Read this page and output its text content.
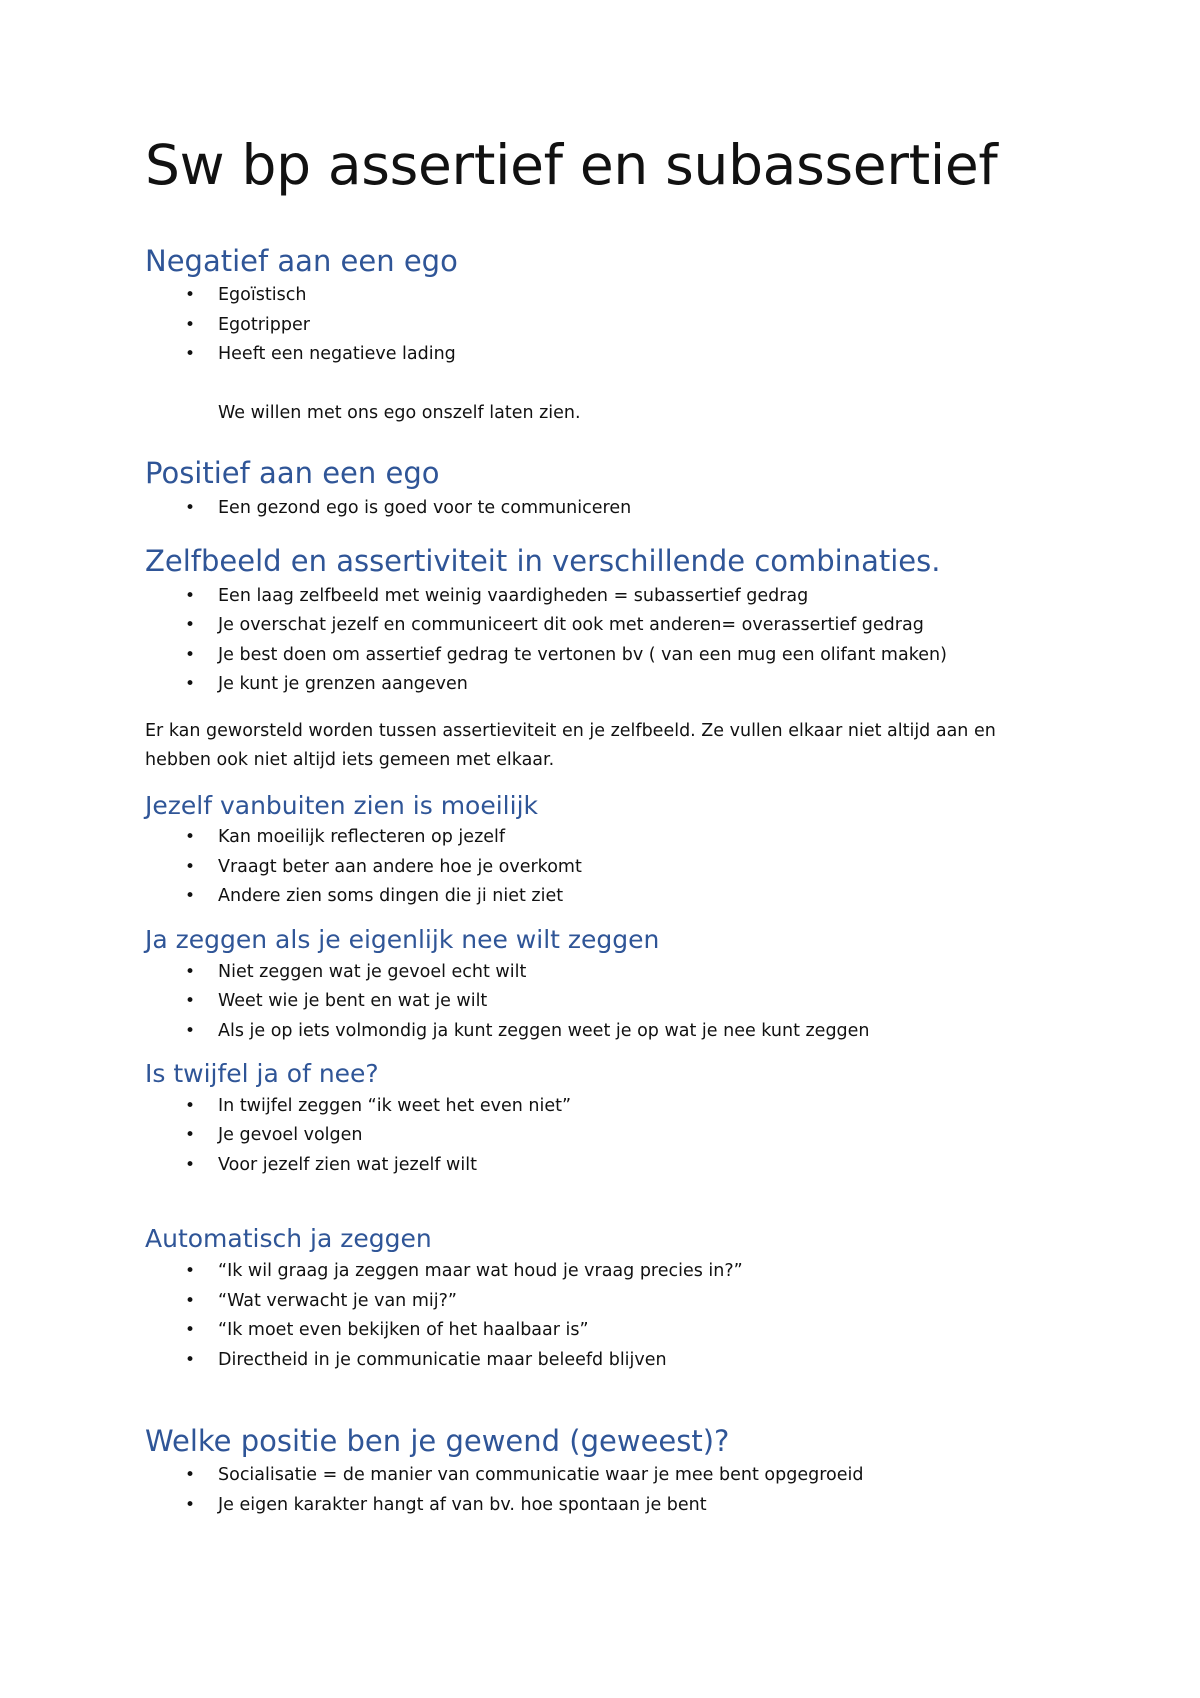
Sw bp assertief en subassertief
Negatief aan een ego
• Egoïstisch
• Egotripper
• Heeft een negatieve lading
We willen met ons ego onszelf laten zien.
Positief aan een ego
• Een gezond ego is goed voor te communiceren
Zelfbeeld en assertiviteit in verschillende combinaties.
• Een laag zelfbeeld met weinig vaardigheden = subassertief gedrag
• Je overschat jezelf en communiceert dit ook met anderen= overassertief gedrag
• Je best doen om assertief gedrag te vertonen bv ( van een mug een olifant maken)
• Je kunt je grenzen aangeven
Er kan geworsteld worden tussen assertieviteit en je zelfbeeld. Ze vullen elkaar niet altijd aan en
hebben ook niet altijd iets gemeen met elkaar.
Jezelf vanbuiten zien is moeilijk
• Kan moeilijk reflecteren op jezelf
• Vraagt beter aan andere hoe je overkomt
• Andere zien soms dingen die ji niet ziet
Ja zeggen als je eigenlijk nee wilt zeggen
• Niet zeggen wat je gevoel echt wilt
• Weet wie je bent en wat je wilt
• Als je op iets volmondig ja kunt zeggen weet je op wat je nee kunt zeggen
Is twijfel ja of nee?
• In twijfel zeggen “ik weet het even niet”
• Je gevoel volgen
• Voor jezelf zien wat jezelf wilt
Automatisch ja zeggen
• “Ik wil graag ja zeggen maar wat houd je vraag precies in?”
• “Wat verwacht je van mij?”
• “Ik moet even bekijken of het haalbaar is”
• Directheid in je communicatie maar beleefd blijven
Welke positie ben je gewend (geweest)?
• Socialisatie = de manier van communicatie waar je mee bent opgegroeid
• Je eigen karakter hangt af van bv. hoe spontaan je bent
